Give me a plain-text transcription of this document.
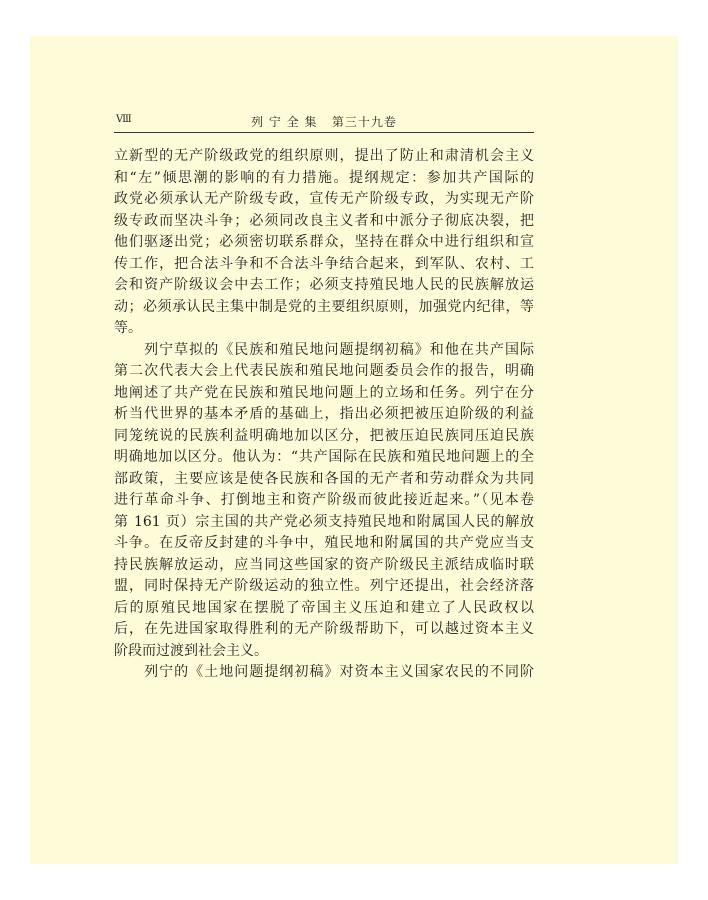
Ⅷ	列 宁 全 集   第三十九卷
立新型的无产阶级政党的组织原则，提出了防止和肃清机会主义
和“左”倾思潮的影响的有力措施。提纲规定：参加共产国际的
政党必须承认无产阶级专政，宣传无产阶级专政，为实现无产阶
级专政而坚决斗争；必须同改良主义者和中派分子彻底决裂，把
他们驱逐出党；必须密切联系群众，坚持在群众中进行组织和宣
传工作，把合法斗争和不合法斗争结合起来，到军队、农村、工
会和资产阶级议会中去工作；必须支持殖民地人民的民族解放运
动；必须承认民主集中制是党的主要组织原则，加强党内纪律，等
等。
　　列宁草拟的《民族和殖民地问题提纲初稿》和他在共产国际
第二次代表大会上代表民族和殖民地问题委员会作的报告，明确
地阐述了共产党在民族和殖民地问题上的立场和任务。列宁在分
析当代世界的基本矛盾的基础上，指出必须把被压迫阶级的利益
同笼统说的民族利益明确地加以区分，把被压迫民族同压迫民族
明确地加以区分。他认为：“共产国际在民族和殖民地问题上的全
部政策，主要应该是使各民族和各国的无产者和劳动群众为共同
进行革命斗争、打倒地主和资产阶级而彼此接近起来。”（见本卷
第 161 页）宗主国的共产党必须支持殖民地和附属国人民的解放
斗争。在反帝反封建的斗争中，殖民地和附属国的共产党应当支
持民族解放运动，应当同这些国家的资产阶级民主派结成临时联
盟，同时保持无产阶级运动的独立性。列宁还提出，社会经济落
后的原殖民地国家在摆脱了帝国主义压迫和建立了人民政权以
后，在先进国家取得胜利的无产阶级帮助下，可以越过资本主义
阶段而过渡到社会主义。
　　列宁的《土地问题提纲初稿》对资本主义国家农民的不同阶
